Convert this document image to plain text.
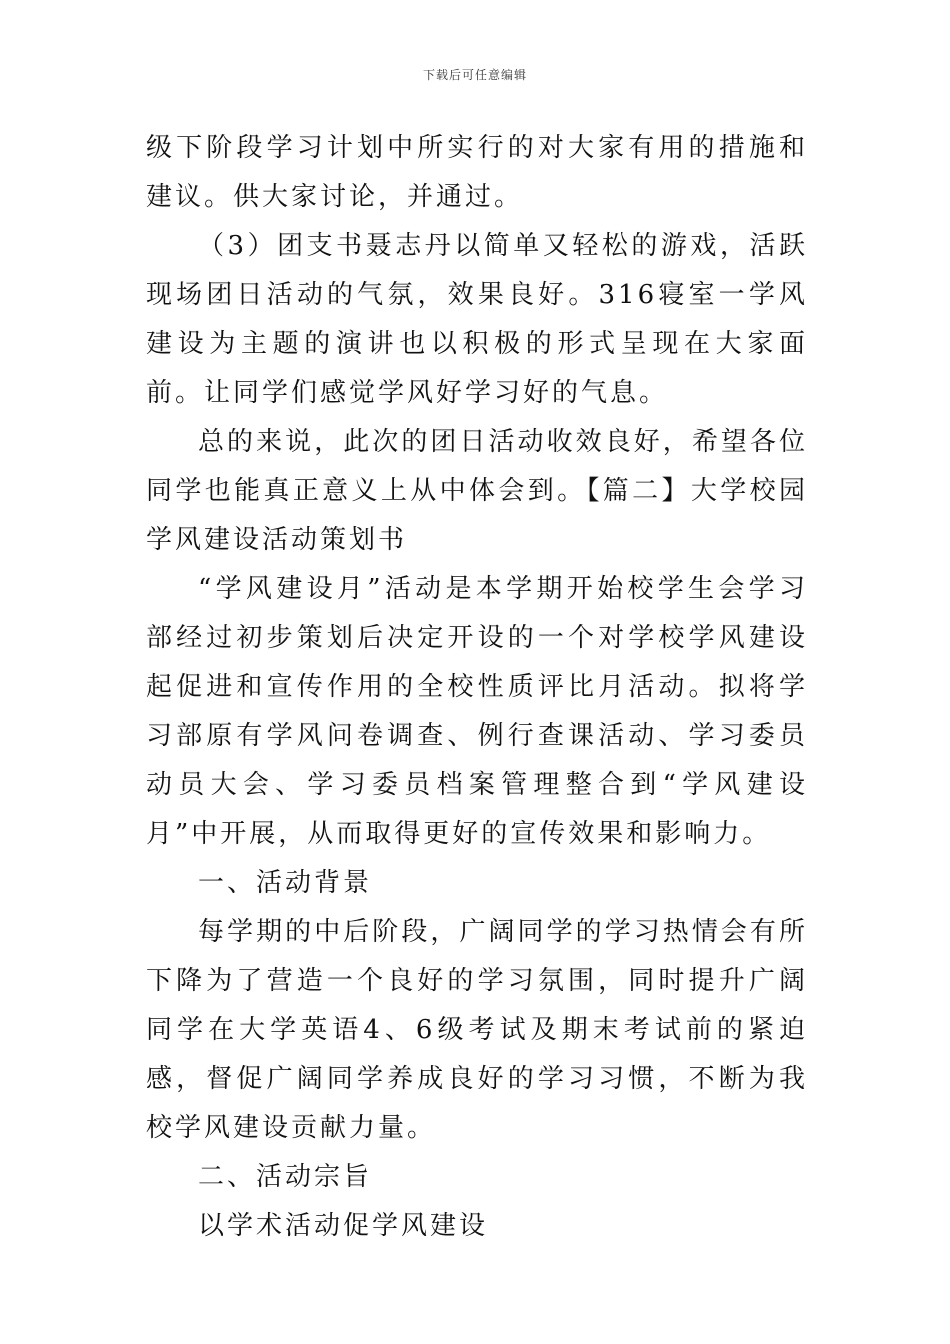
下载后可任意编辑

级下阶段学习计划中所实行的对大家有用的措施和建议。供大家讨论，并通过。

（3）团支书聂志丹以简单又轻松的游戏，活跃现场团日活动的气氛，效果良好。316寝室一学风建设为主题的演讲也以积极的形式呈现在大家面前。让同学们感觉学风好学习好的气息。

总的来说，此次的团日活动收效良好，希望各位同学也能真正意义上从中体会到。【篇二】大学校园学风建设活动策划书

“学风建设月”活动是本学期开始校学生会学习部经过初步策划后决定开设的一个对学校学风建设起促进和宣传作用的全校性质评比月活动。拟将学习部原有学风问卷调查、例行查课活动、学习委员动员大会、学习委员档案管理整合到“学风建设月”中开展，从而取得更好的宣传效果和影响力。

一、活动背景

每学期的中后阶段，广阔同学的学习热情会有所下降为了营造一个良好的学习氛围，同时提升广阔同学在大学英语4、6级考试及期末考试前的紧迫感，督促广阔同学养成良好的学习习惯，不断为我校学风建设贡献力量。

二、活动宗旨

以学术活动促学风建设
